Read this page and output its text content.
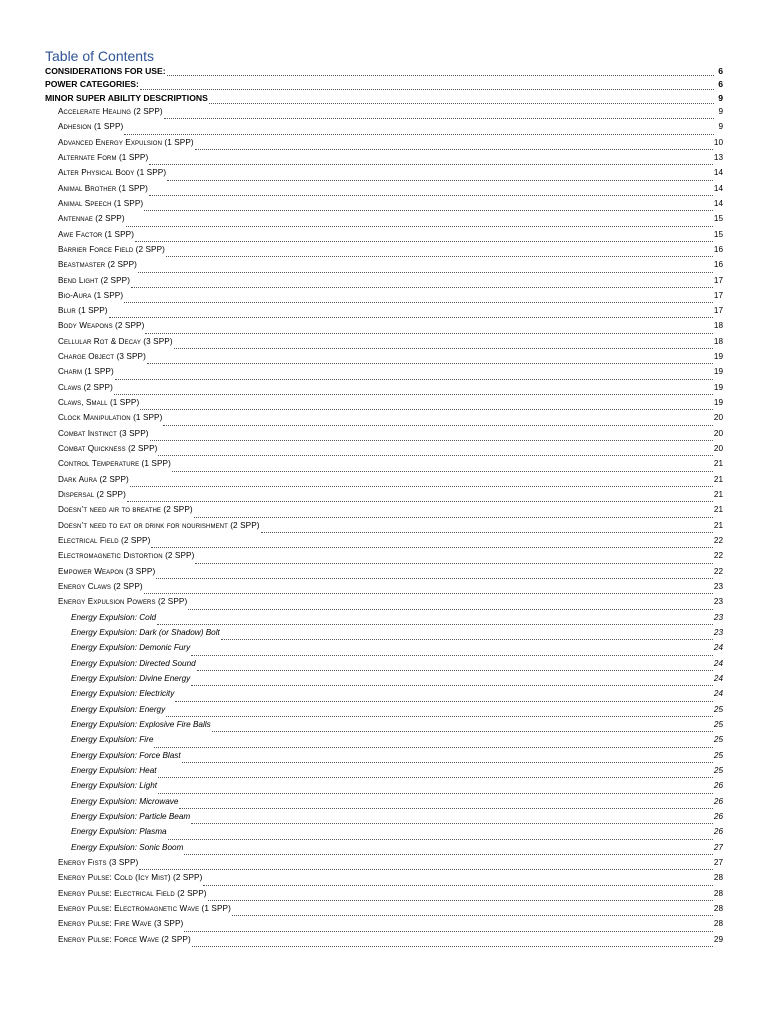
Table of Contents
CONSIDERATIONS FOR USE:	6
POWER CATEGORIES:	6
MINOR SUPER ABILITY DESCRIPTIONS	9
Accelerate Healing (2 SPP)	9
Adhesion (1 SPP)	9
Advanced Energy Expulsion (1 SPP)	10
Alternate Form (1 SPP)	13
Alter Physical Body (1 SPP)	14
Animal Brother (1 SPP)	14
Animal Speech (1 SPP)	14
Antennae (2 SPP)	15
Awe Factor (1 SPP)	15
Barrier Force Field (2 SPP)	16
Beastmaster (2 SPP)	16
Bend Light (2 SPP)	17
Bio-Aura (1 SPP)	17
Blur (1 SPP)	17
Body Weapons (2 SPP)	18
Cellular Rot & Decay (3 SPP)	18
Charge Object (3 SPP)	19
Charm (1 SPP)	19
Claws (2 SPP)	19
Claws, Small (1 SPP)	19
Clock Manipulation (1 SPP)	20
Combat Instinct (3 SPP)	20
Combat Quickness (2 SPP)	20
Control Temperature (1 SPP)	21
Dark Aura (2 SPP)	21
Dispersal (2 SPP)	21
Doesn’t need air to breathe (2 SPP)	21
Doesn’t need to eat or drink for nourishment (2 SPP)	21
Electrical Field (2 SPP)	22
Electromagnetic Distortion (2 SPP)	22
Empower Weapon (3 SPP)	22
Energy Claws (2 SPP)	23
Energy Expulsion Powers (2 SPP)	23
Energy Expulsion: Cold	23
Energy Expulsion: Dark (or Shadow) Bolt	23
Energy Expulsion: Demonic Fury	24
Energy Expulsion: Directed Sound	24
Energy Expulsion: Divine Energy	24
Energy Expulsion: Electricity	24
Energy Expulsion: Energy	25
Energy Expulsion: Explosive Fire Balls	25
Energy Expulsion: Fire	25
Energy Expulsion: Force Blast	25
Energy Expulsion: Heat	25
Energy Expulsion: Light	26
Energy Expulsion: Microwave	26
Energy Expulsion: Particle Beam	26
Energy Expulsion: Plasma	26
Energy Expulsion: Sonic Boom	27
Energy Fists (3 SPP)	27
Energy Pulse: Cold (Icy Mist) (2 SPP)	28
Energy Pulse: Electrical Field (2 SPP)	28
Energy Pulse: Electromagnetic Wave (1 SPP)	28
Energy Pulse: Fire Wave (3 SPP)	28
Energy Pulse: Force Wave (2 SPP)	29
